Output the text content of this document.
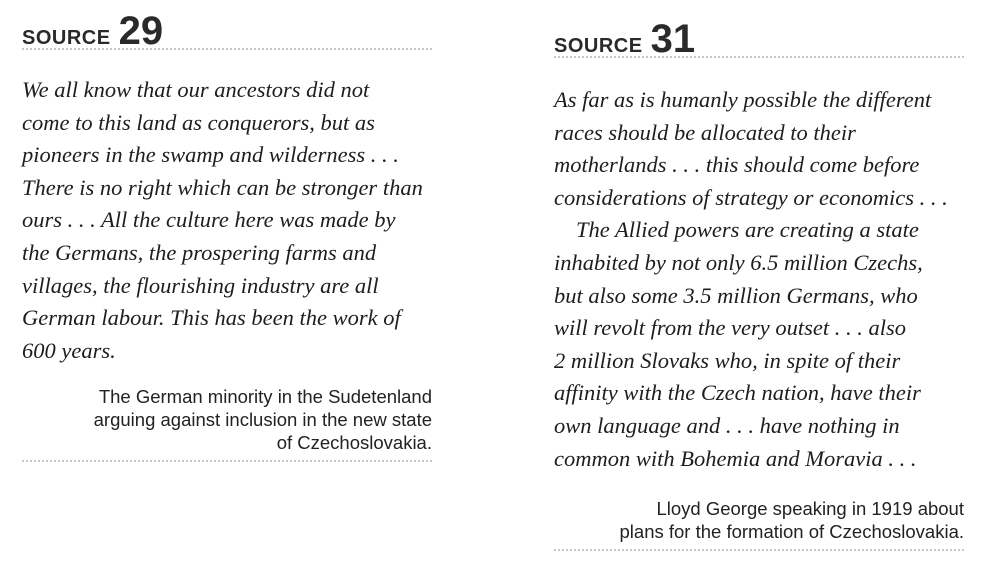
SOURCE 29

We all know that our ancestors did not
come to this land as conquerors, but as
pioneers in the swamp and wilderness . . .
There is no right which can be stronger than
ours . . . All the culture here was made by
the Germans, the prospering farms and
villages, the flourishing industry are all
German labour. This has been the work of
600 years.

The German minority in the Sudetenland
arguing against inclusion in the new state
of Czechoslovakia.

SOURCE 31

As far as is humanly possible the different
races should be allocated to their
motherlands . . . this should come before
considerations of strategy or economics . . .
The Allied powers are creating a state
inhabited by not only 6.5 million Czechs,
but also some 3.5 million Germans, who
will revolt from the very outset . . . also
2 million Slovaks who, in spite of their
affinity with the Czech nation, have their
own language and . . . have nothing in
common with Bohemia and Moravia . . .

Lloyd George speaking in 1919 about
plans for the formation of Czechoslovakia.
